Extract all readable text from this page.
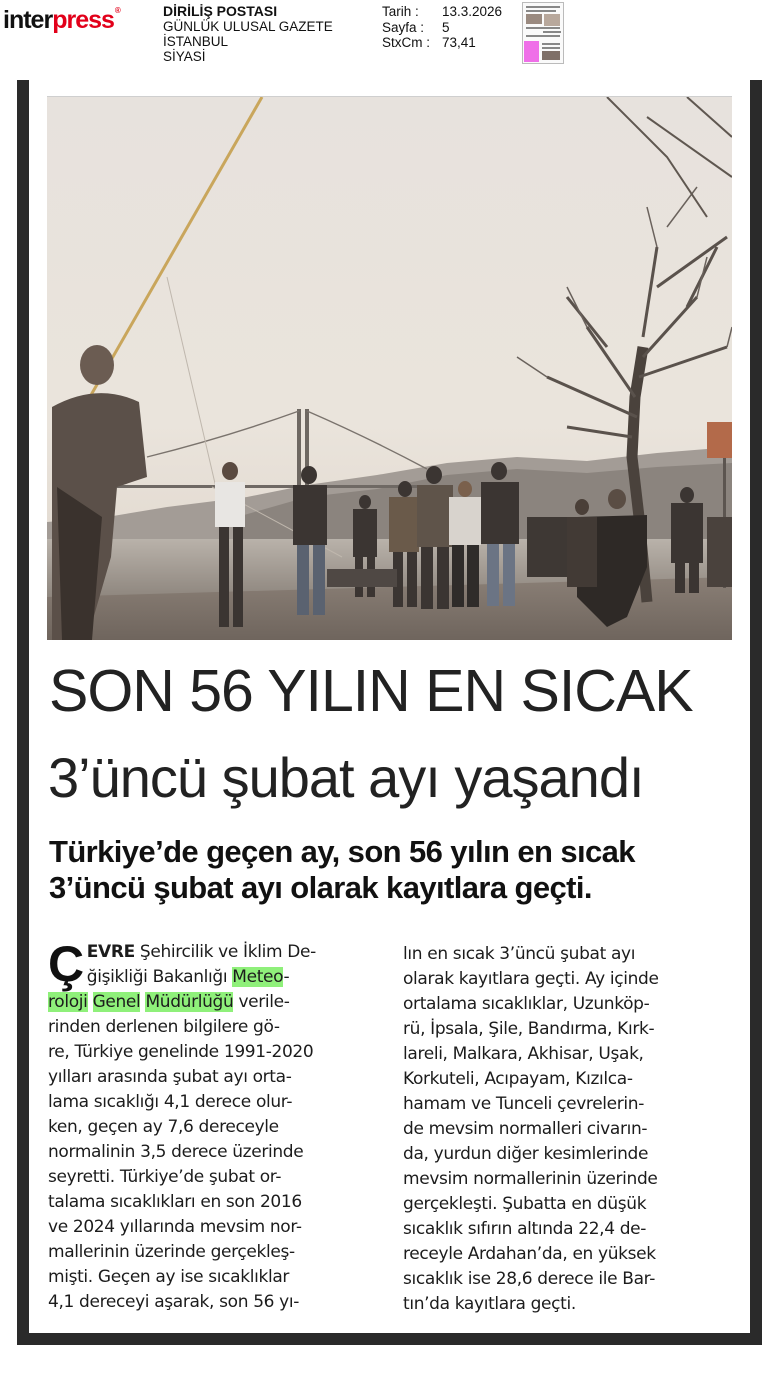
interpress®	DİRİLİŞ POSTASI
GÜNLÜK ULUSAL GAZETE
İSTANBUL
SİYASİ
Tarih :	13.3.2026
Sayfa :	5
StxCm : 73,41
SON 56 YILIN EN SICAK
3’üncü şubat ayı yaşandı
Türkiye’de geçen ay, son 56 yılın en sıcak
3’üncü şubat ayı olarak kayıtlara geçti.
Ç EVRE Şehircilik ve İklim De-
ğişikliği Bakanlığı Meteo-
roloji Genel Müdürlüğü verile-
rinden derlenen bilgilere gö-
re, Türkiye genelinde 1991-2020
yılları arasında şubat ayı orta-
lama sıcaklığı 4,1 derece olur-
ken, geçen ay 7,6 dereceyle
normalinin 3,5 derece üzerinde
seyretti. Türkiye’de şubat or-
talama sıcaklıkları en son 2016
ve 2024 yıllarında mevsim nor-
mallerinin üzerinde gerçekleş-
mişti. Geçen ay ise sıcaklıklar
4,1 dereceyi aşarak, son 56 yı-
lın en sıcak 3’üncü şubat ayı
olarak kayıtlara geçti. Ay içinde
ortalama sıcaklıklar, Uzunköp-
rü, İpsala, Şile, Bandırma, Kırk-
lareli, Malkara, Akhisar, Uşak,
Korkuteli, Acıpayam, Kızılca-
hamam ve Tunceli çevrelerin-
de mevsim normalleri civarın-
da, yurdun diğer kesimlerinde
mevsim normallerinin üzerinde
gerçekleşti. Şubatta en düşük
sıcaklık sıfırın altında 22,4 de-
receyle Ardahan’da, en yüksek
sıcaklık ise 28,6 derece ile Bar-
tın’da kayıtlara geçti.
